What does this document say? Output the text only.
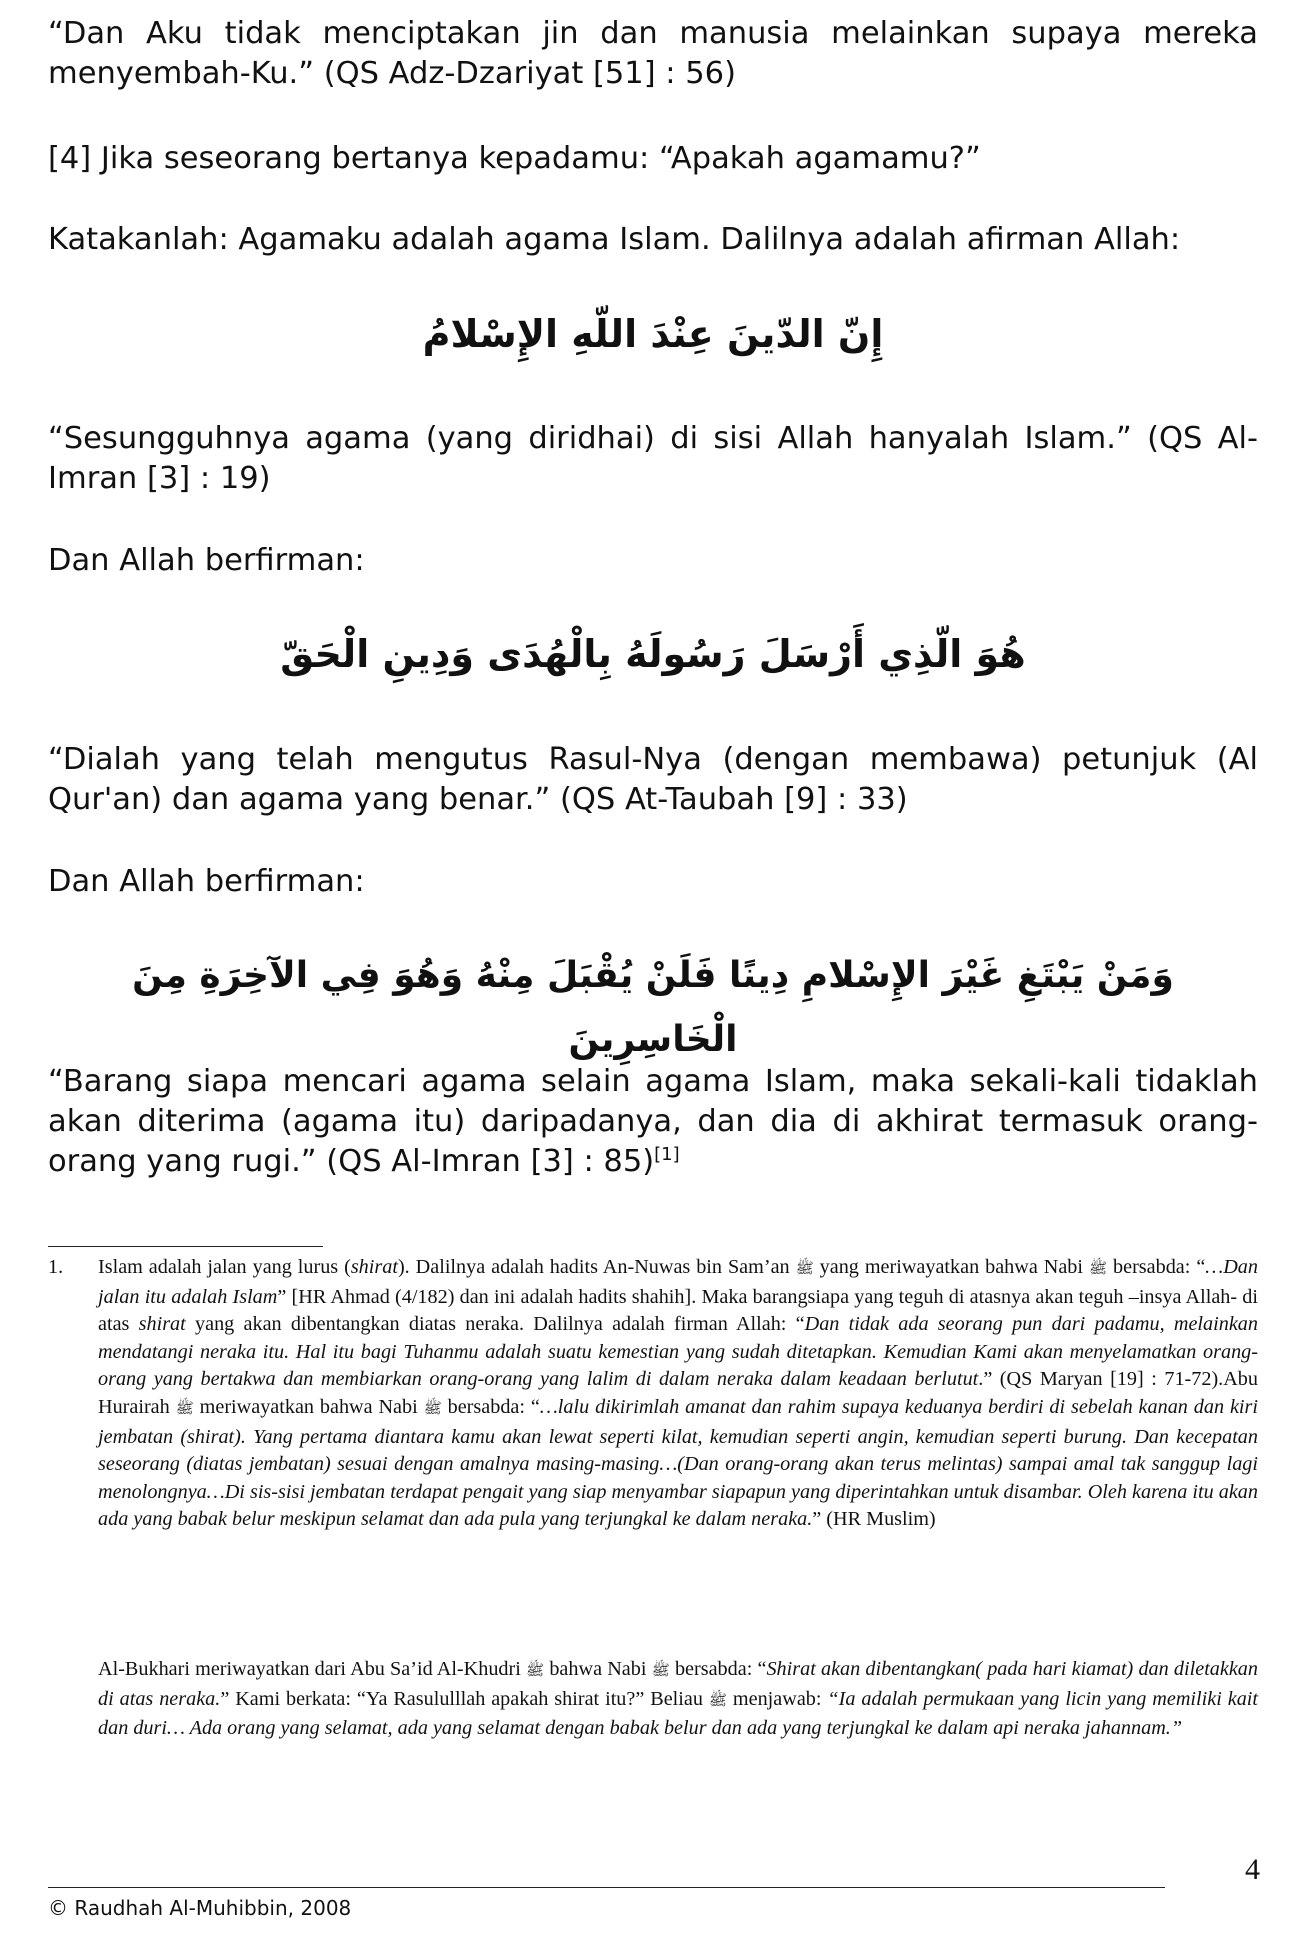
“Dan Aku tidak menciptakan jin dan manusia melainkan supaya mereka menyembah-Ku.” (QS Adz-Dzariyat [51] : 56)
[4] Jika seseorang bertanya kepadamu: “Apakah agamamu?”
Katakanlah: Agamaku adalah agama Islam. Dalilnya adalah afirman Allah:
إِنّ الدّينَ عِنْدَ اللّهِ الإِسْلامُ
“Sesungguhnya agama (yang diridhai) di sisi Allah hanyalah Islam.” (QS Al-Imran [3] : 19)
Dan Allah berfirman:
هُوَ الّذِي أَرْسَلَ رَسُولَهُ بِالْهُدَى وَدِينِ الْحَقّ
“Dialah yang telah mengutus Rasul-Nya (dengan membawa) petunjuk (Al Qur'an) dan agama yang benar.” (QS At-Taubah [9] : 33)
Dan Allah berfirman:
وَمَنْ يَبْتَغِ غَيْرَ الإِسْلامِ دِينًا فَلَنْ يُقْبَلَ مِنْهُ وَهُوَ فِي الآخِرَةِ مِنَ الْخَاسِرِينَ
“Barang siapa mencari agama selain agama Islam, maka sekali-kali tidaklah akan diterima (agama itu) daripadanya, dan dia di akhirat termasuk orang-orang yang rugi.” (QS Al-Imran [3] : 85)[1]
1. Islam adalah jalan yang lurus (shirat). Dalilnya adalah hadits An-Nuwas bin Sam’an ﷺ yang meriwayatkan bahwa Nabi ﷺ bersabda: “…Dan jalan itu adalah Islam” [HR Ahmad (4/182) dan ini adalah hadits shahih]. Maka barangsiapa yang teguh di atasnya akan teguh –insya Allah- di atas shirat yang akan dibentangkan diatas neraka. Dalilnya adalah firman Allah: “Dan tidak ada seorang pun dari padamu, melainkan mendatangi neraka itu. Hal itu bagi Tuhanmu adalah suatu kemestian yang sudah ditetapkan. Kemudian Kami akan menyelamatkan orang-orang yang bertakwa dan membiarkan orang-orang yang lalim di dalam neraka dalam keadaan berlutut.” (QS Maryan [19] : 71-72).Abu Hurairah ﷺ meriwayatkan bahwa Nabi ﷺ bersabda: “…lalu dikirimlah amanat dan rahim supaya keduanya berdiri di sebelah kanan dan kiri jembatan (shirat). Yang pertama diantara kamu akan lewat seperti kilat, kemudian seperti angin, kemudian seperti burung. Dan kecepatan seseorang (diatas jembatan) sesuai dengan amalnya masing-masing…(Dan orang-orang akan terus melintas) sampai amal tak sanggup lagi menolongnya…Di sis-sisi jembatan terdapat pengait yang siap menyambar siapapun yang diperintahkan untuk disambar. Oleh karena itu akan ada yang babak belur meskipun selamat dan ada pula yang terjungkal ke dalam neraka.” (HR Muslim)
Al-Bukhari meriwayatkan dari Abu Sa’id Al-Khudri ﷺ bahwa Nabi ﷺ bersabda: “Shirat akan dibentangkan( pada hari kiamat) dan diletakkan di atas neraka.” Kami berkata: “Ya Rasululllah apakah shirat itu?” Beliau ﷺ menjawab: “Ia adalah permukaan yang licin yang memiliki kait dan duri… Ada orang yang selamat, ada yang selamat dengan babak belur dan ada yang terjungkal ke dalam api neraka jahannam.”
4
© Raudhah Al-Muhibbin, 2008
